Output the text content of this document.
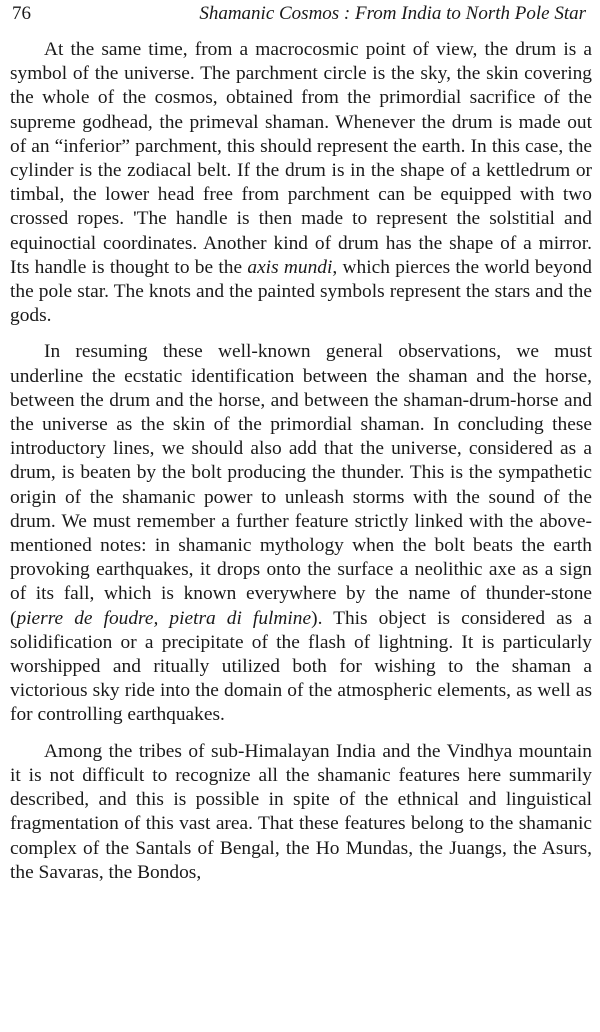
76	Shamanic Cosmos : From India to North Pole Star

At the same time, from a macrocosmic point of view, the drum is a symbol of the universe. The parchment circle is the sky, the skin covering the whole of the cosmos, obtained from the primordial sacrifice of the supreme godhead, the primeval shaman. Whenever the drum is made out of an “inferior” parchment, this should represent the earth. In this case, the cylinder is the zodiacal belt. If the drum is in the shape of a kettledrum or timbal, the lower head free from parchment can be equipped with two crossed ropes. 'The handle is then made to represent the solstitial and equinoctial coordinates. Another kind of drum has the shape of a mirror. Its handle is thought to be the axis mundi, which pierces the world beyond the pole star. The knots and the painted symbols represent the stars and the gods.

In resuming these well-known general observations, we must underline the ecstatic identification between the shaman and the horse, between the drum and the horse, and between the shaman-drum-horse and the universe as the skin of the primordial shaman. In concluding these introductory lines, we should also add that the universe, considered as a drum, is beaten by the bolt producing the thunder. This is the sympathetic origin of the shamanic power to unleash storms with the sound of the drum. We must remember a further feature strictly linked with the above-mentioned notes: in shamanic mythology when the bolt beats the earth provoking earthquakes, it drops onto the surface a neolithic axe as a sign of its fall, which is known everywhere by the name of thunder-stone (pierre de foudre, pietra di fulmine). This object is considered as a solidification or a precipitate of the flash of lightning. It is particularly worshipped and ritually utilized both for wishing to the shaman a victorious sky ride into the domain of the atmospheric elements, as well as for controlling earthquakes.

Among the tribes of sub-Himalayan India and the Vindhya mountain it is not difficult to recognize all the shamanic features here summarily described, and this is possible in spite of the ethnical and linguistical fragmentation of this vast area. That these features belong to the shamanic complex of the Santals of Bengal, the Ho Mundas, the Juangs, the Asurs, the Savaras, the Bondos,
